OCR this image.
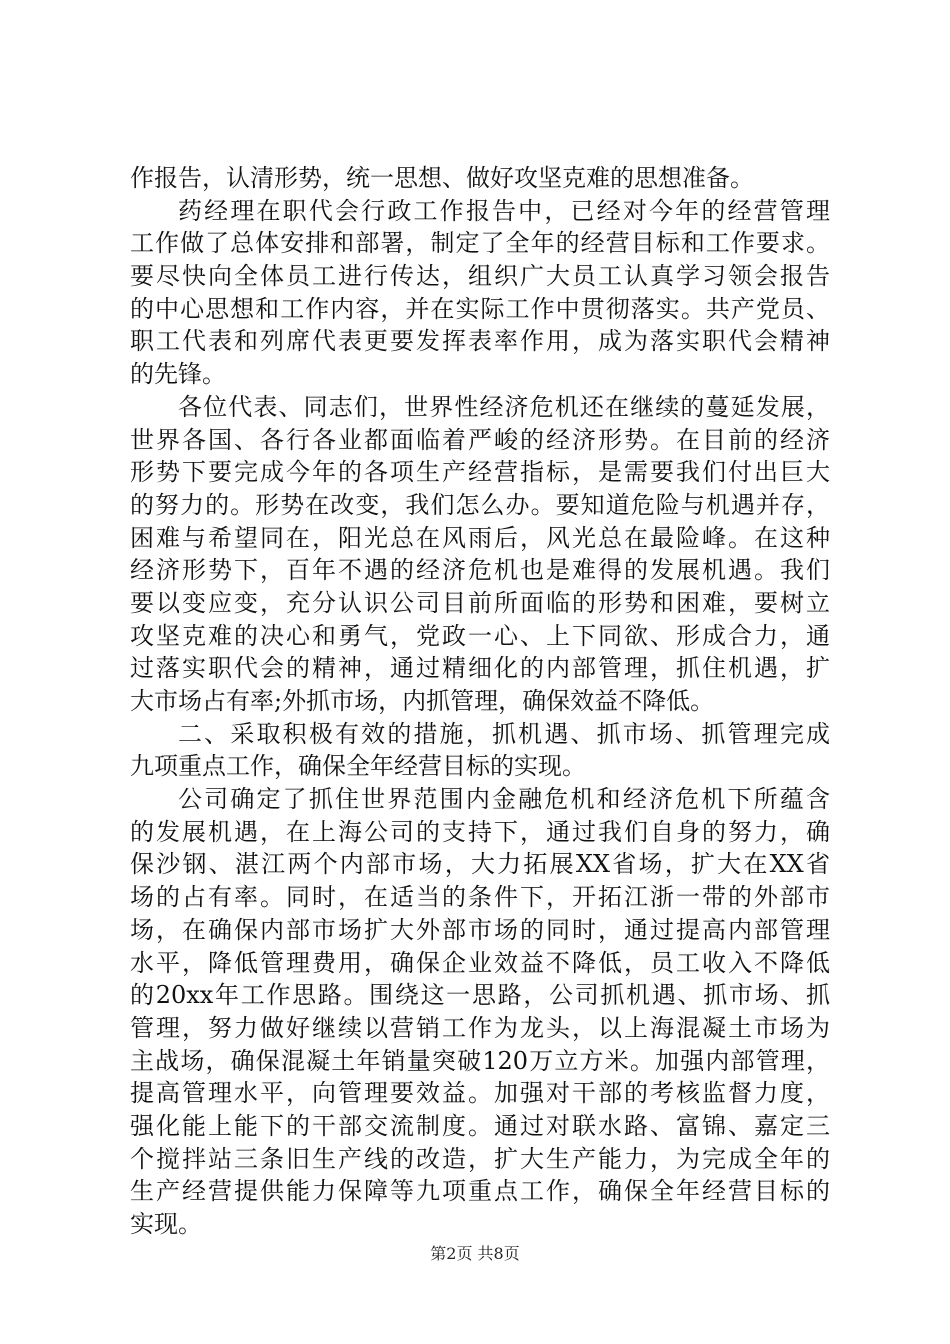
作报告，认清形势，统一思想、做好攻坚克难的思想准备。
药经理在职代会行政工作报告中，已经对今年的经营管理
工作做了总体安排和部署，制定了全年的经营目标和工作要求。
要尽快向全体员工进行传达，组织广大员工认真学习领会报告
的中心思想和工作内容，并在实际工作中贯彻落实。共产党员、
职工代表和列席代表更要发挥表率作用，成为落实职代会精神
的先锋。
各位代表、同志们，世界性经济危机还在继续的蔓延发展，
世界各国、各行各业都面临着严峻的经济形势。在目前的经济
形势下要完成今年的各项生产经营指标，是需要我们付出巨大
的努力的。形势在改变，我们怎么办。要知道危险与机遇并存，
困难与希望同在，阳光总在风雨后，风光总在最险峰。在这种
经济形势下，百年不遇的经济危机也是难得的发展机遇。我们
要以变应变，充分认识公司目前所面临的形势和困难，要树立
攻坚克难的决心和勇气，党政一心、上下同欲、形成合力，通
过落实职代会的精神，通过精细化的内部管理，抓住机遇，扩
大市场占有率;外抓市场，内抓管理，确保效益不降低。
二、采取积极有效的措施，抓机遇、抓市场、抓管理完成
九项重点工作，确保全年经营目标的实现。
公司确定了抓住世界范围内金融危机和经济危机下所蕴含
的发展机遇，在上海公司的支持下，通过我们自身的努力，确
保沙钢、湛江两个内部市场，大力拓展XX省场，扩大在XX省
场的占有率。同时，在适当的条件下，开拓江浙一带的外部市
场，在确保内部市场扩大外部市场的同时，通过提高内部管理
水平，降低管理费用，确保企业效益不降低，员工收入不降低
的20xx年工作思路。围绕这一思路，公司抓机遇、抓市场、抓
管理，努力做好继续以营销工作为龙头，以上海混凝土市场为
主战场，确保混凝土年销量突破120万立方米。加强内部管理，
提高管理水平，向管理要效益。加强对干部的考核监督力度，
强化能上能下的干部交流制度。通过对联水路、富锦、嘉定三
个搅拌站三条旧生产线的改造，扩大生产能力，为完成全年的
生产经营提供能力保障等九项重点工作，确保全年经营目标的
实现。
第2页 共8页
